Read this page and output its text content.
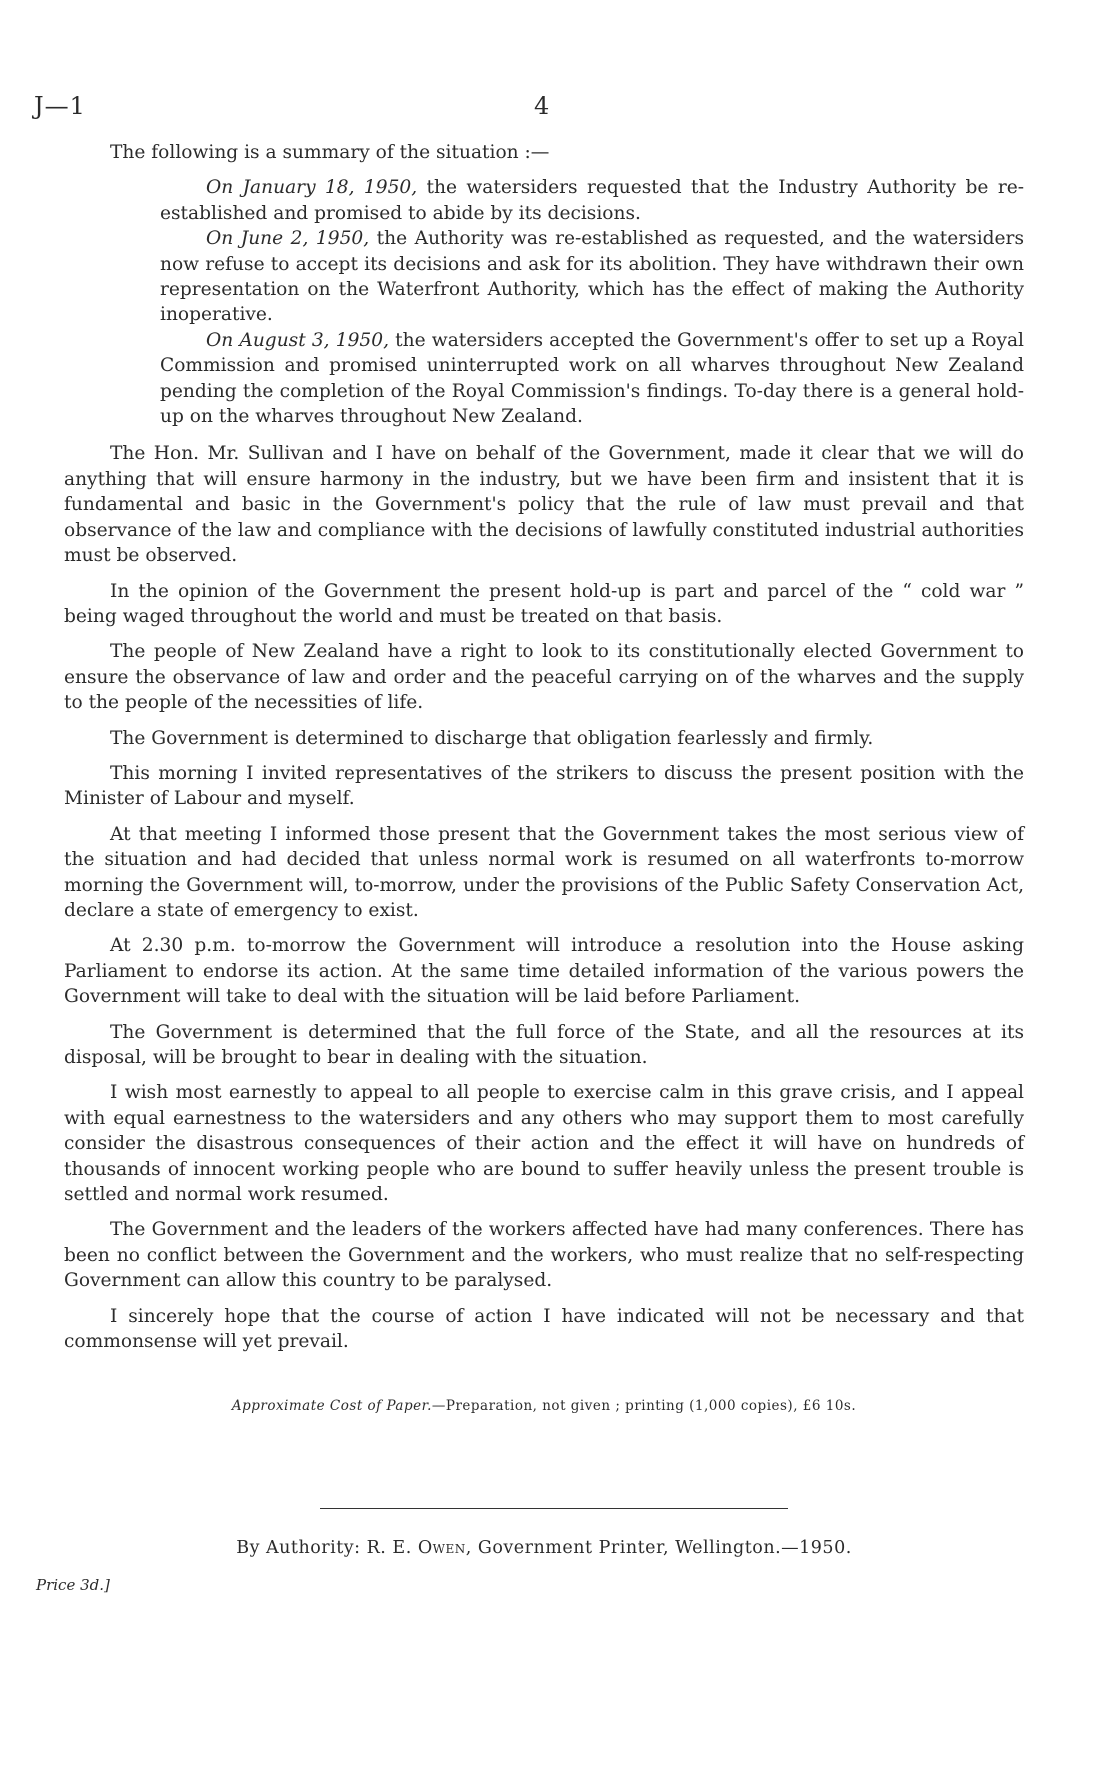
J—1	4

The following is a summary of the situation :—

On January 18, 1950, the watersiders requested that the Industry Authority be re-established and promised to abide by its decisions.

On June 2, 1950, the Authority was re-established as requested, and the watersiders now refuse to accept its decisions and ask for its abolition. They have withdrawn their own representation on the Waterfront Authority, which has the effect of making the Authority inoperative.

On August 3, 1950, the watersiders accepted the Government's offer to set up a Royal Commission and promised uninterrupted work on all wharves throughout New Zealand pending the completion of the Royal Commission's findings. To-day there is a general hold-up on the wharves throughout New Zealand.

The Hon. Mr. Sullivan and I have on behalf of the Government, made it clear that we will do anything that will ensure harmony in the industry, but we have been firm and insistent that it is fundamental and basic in the Government's policy that the rule of law must prevail and that observance of the law and compliance with the decisions of lawfully constituted industrial authorities must be observed.

In the opinion of the Government the present hold-up is part and parcel of the “ cold war ” being waged throughout the world and must be treated on that basis.

The people of New Zealand have a right to look to its constitutionally elected Government to ensure the observance of law and order and the peaceful carrying on of the wharves and the supply to the people of the necessities of life.

The Government is determined to discharge that obligation fearlessly and firmly.

This morning I invited representatives of the strikers to discuss the present position with the Minister of Labour and myself.

At that meeting I informed those present that the Government takes the most serious view of the situation and had decided that unless normal work is resumed on all waterfronts to-morrow morning the Government will, to-morrow, under the provisions of the Public Safety Conservation Act, declare a state of emergency to exist.

At 2.30 p.m. to-morrow the Government will introduce a resolution into the House asking Parliament to endorse its action. At the same time detailed information of the various powers the Government will take to deal with the situation will be laid before Parliament.

The Government is determined that the full force of the State, and all the resources at its disposal, will be brought to bear in dealing with the situation.

I wish most earnestly to appeal to all people to exercise calm in this grave crisis, and I appeal with equal earnestness to the watersiders and any others who may support them to most carefully consider the disastrous consequences of their action and the effect it will have on hundreds of thousands of innocent working people who are bound to suffer heavily unless the present trouble is settled and normal work resumed.

The Government and the leaders of the workers affected have had many conferences. There has been no conflict between the Government and the workers, who must realize that no self-respecting Government can allow this country to be paralysed.

I sincerely hope that the course of action I have indicated will not be necessary and that commonsense will yet prevail.

Approximate Cost of Paper.—Preparation, not given ; printing (1,000 copies), £6 10s.
By Authority: R. E. Owen, Government Printer, Wellington.—1950.
Price 3d.]
